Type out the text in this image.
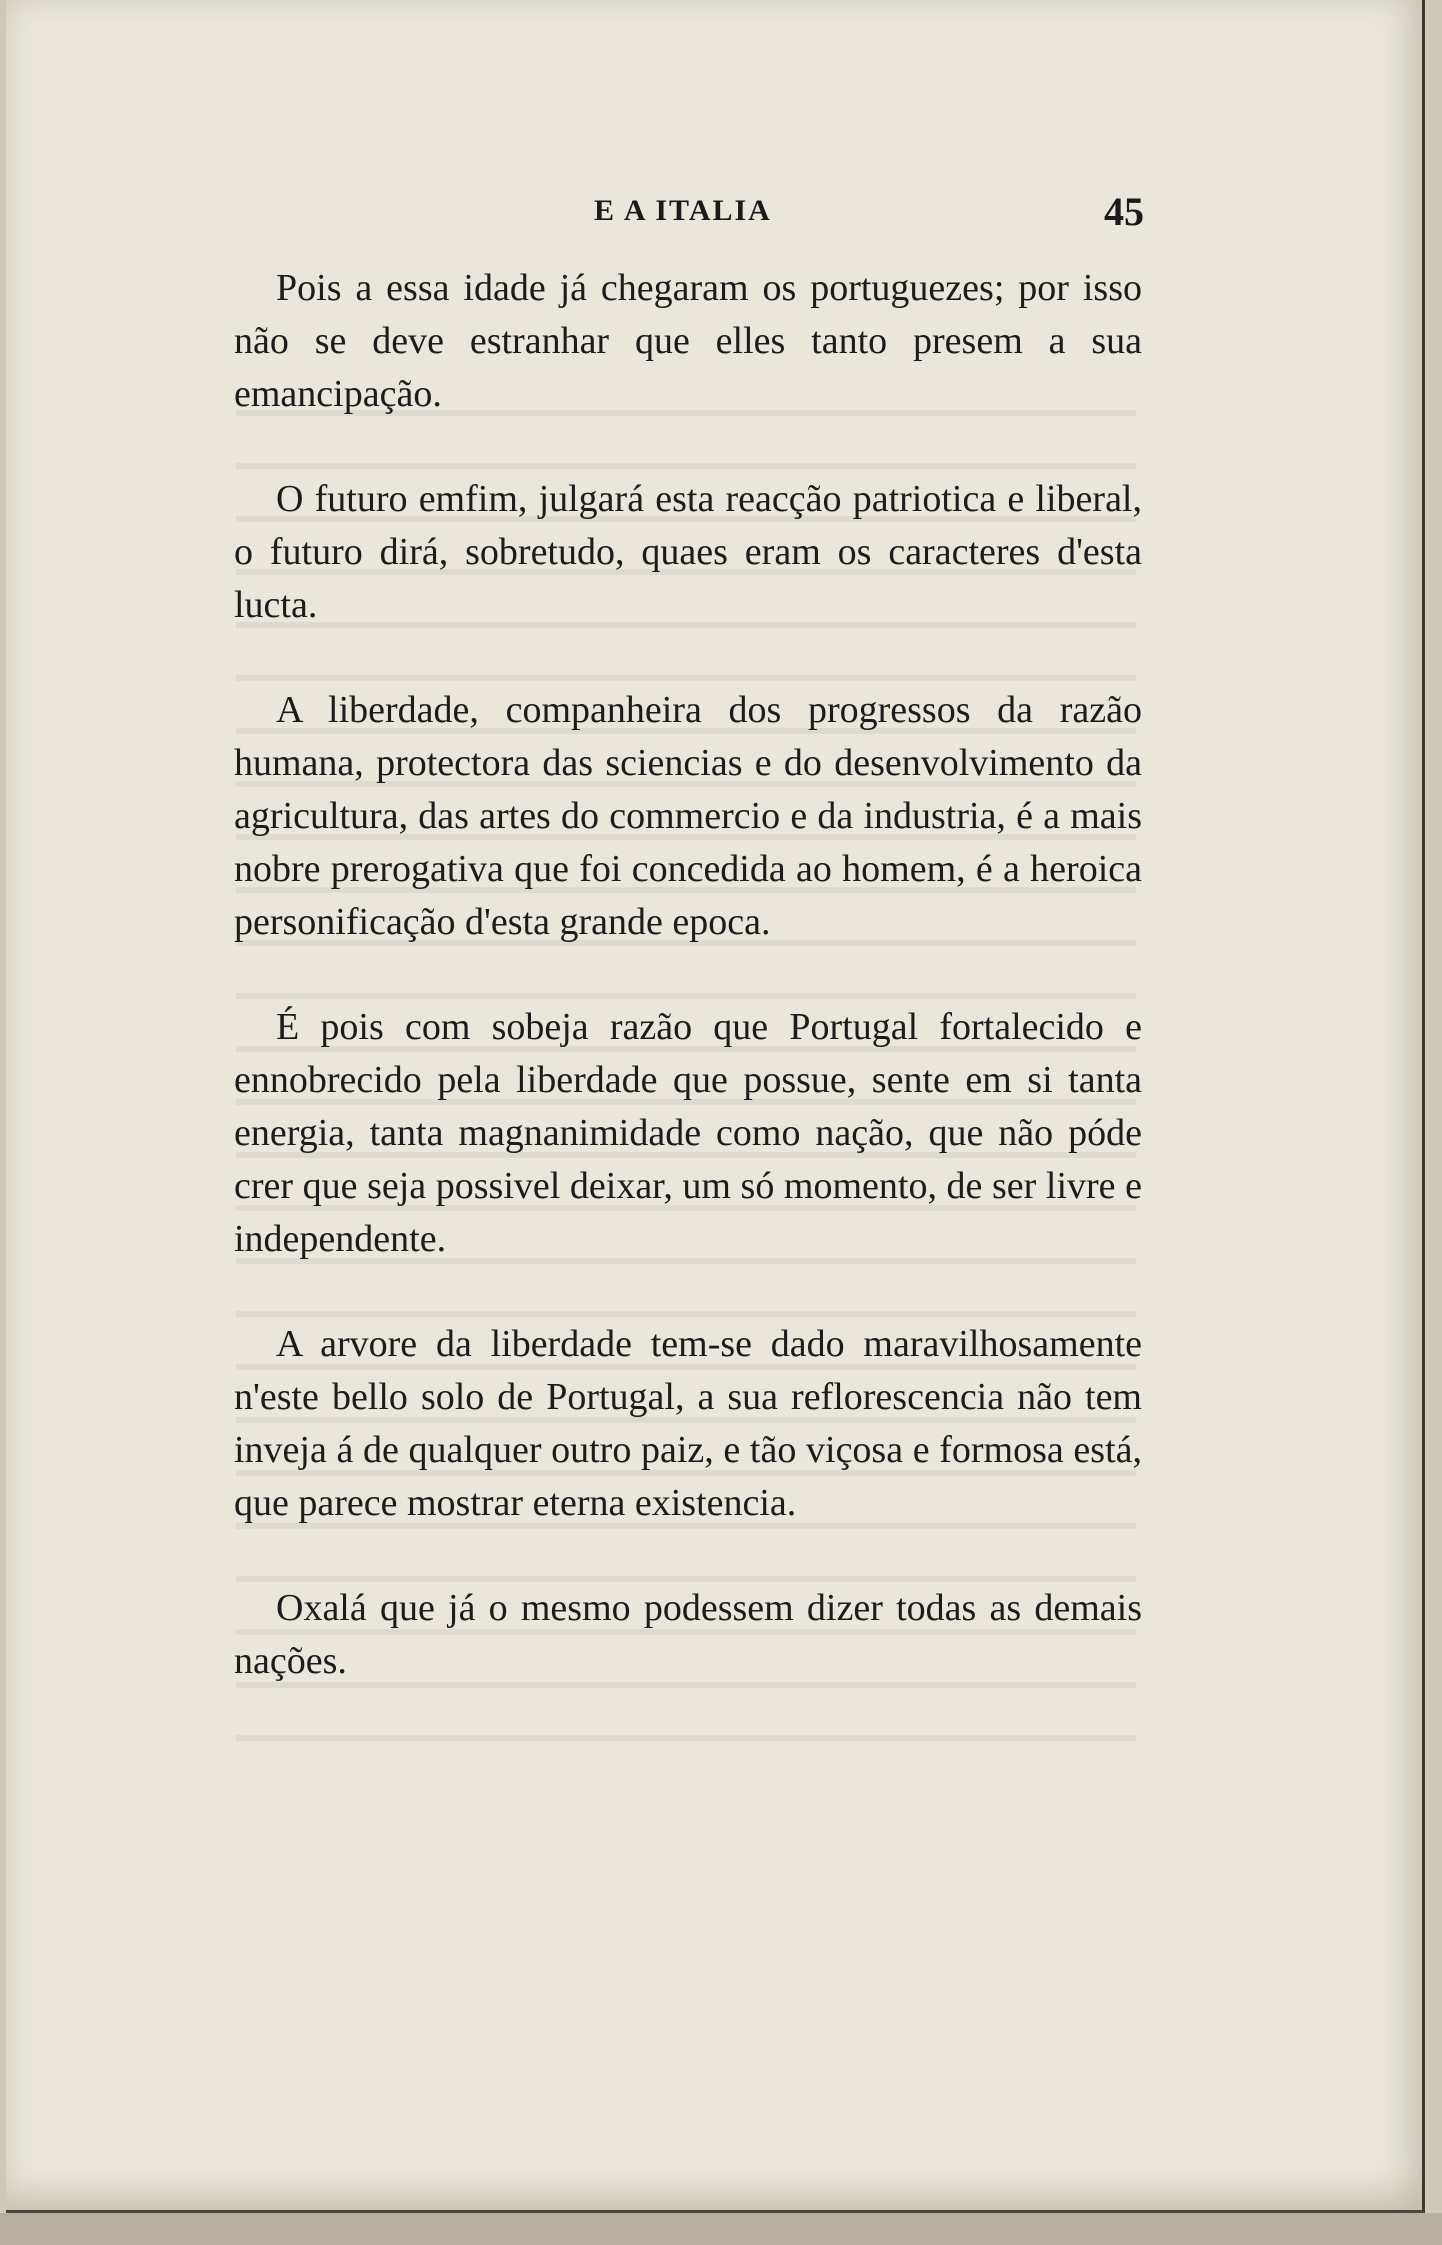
E A ITALIA	45

Pois a essa idade já chegaram os portuguezes; por isso não se deve estranhar que elles tanto presem a sua emancipação.

O futuro emfim, julgará esta reacção patriotica e liberal, o futuro dirá, sobretudo, quaes eram os caracteres d'esta lucta.

A liberdade, companheira dos progressos da razão humana, protectora das sciencias e do desenvolvimento da agricultura, das artes do commercio e da industria, é a mais nobre prerogativa que foi concedida ao homem, é a heroica personificação d'esta grande epoca.

É pois com sobeja razão que Portugal fortalecido e ennobrecido pela liberdade que possue, sente em si tanta energia, tanta magnanimidade como nação, que não póde crer que seja possivel deixar, um só momento, de ser livre e independente.

A arvore da liberdade tem-se dado maravilhosamente n'este bello solo de Portugal, a sua reflorescencia não tem inveja á de qualquer outro paiz, e tão viçosa e formosa está, que parece mostrar eterna existencia.

Oxalá que já o mesmo podessem dizer todas as demais nações.
